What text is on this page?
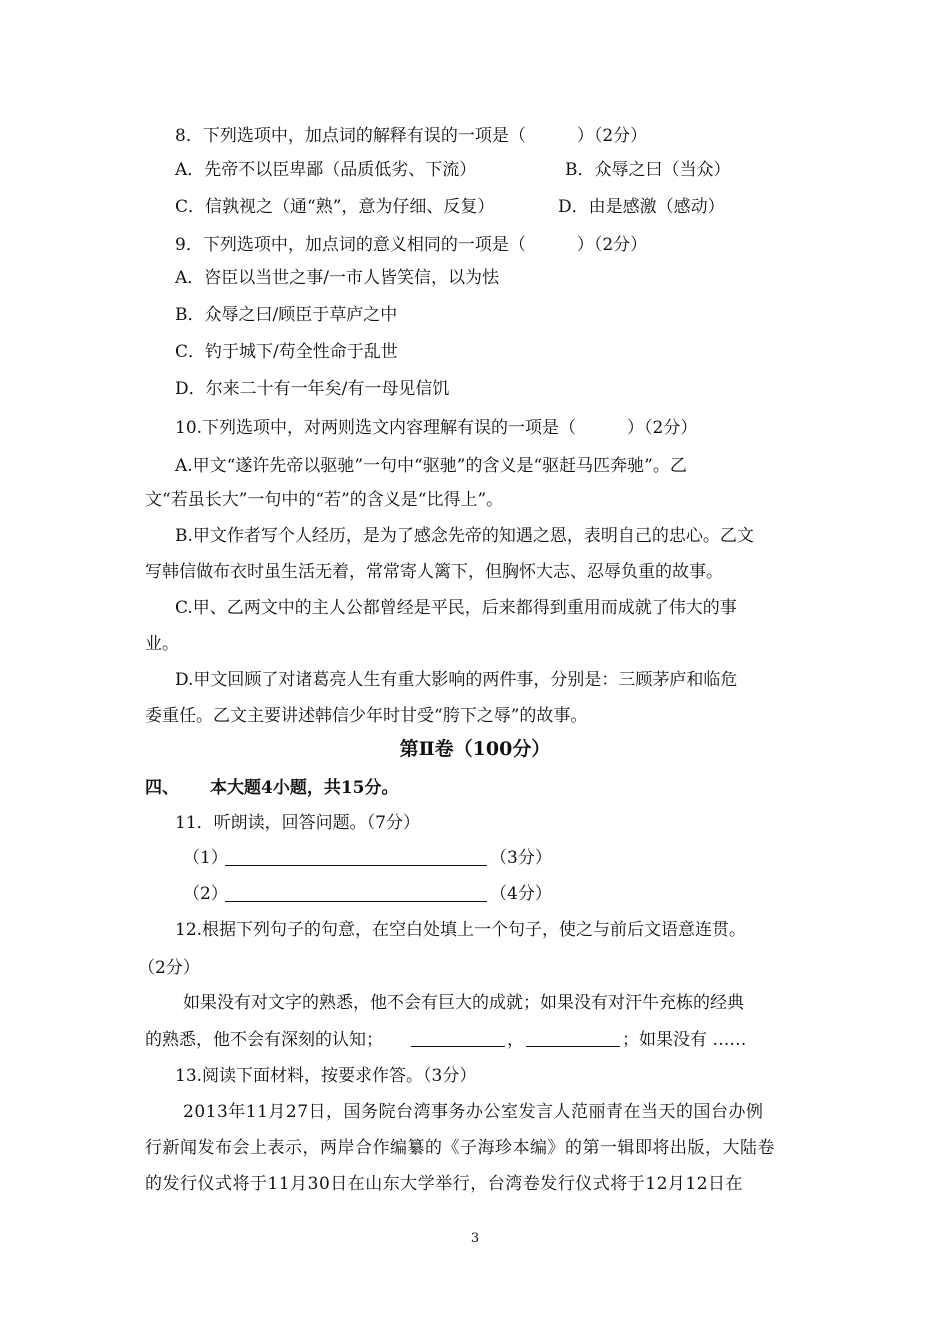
8．下列选项中，加点词的解释有误的一项是（　　　）（2分）
A．先帝不以臣卑鄙（品质低劣、下流）	B．众辱之曰（当众）
C．信孰视之（通“熟”，意为仔细、反复）	D．由是感激（感动）
9．下列选项中，加点词的意义相同的一项是（　　　）（2分）
A．咨臣以当世之事/一市人皆笑信，以为怯
B．众辱之曰/顾臣于草庐之中
C．钓于城下/苟全性命于乱世
D．尔来二十有一年矣/有一母见信饥
10.下列选项中，对两则选文内容理解有误的一项是（　　　）（2分）
A.甲文“遂许先帝以驱驰”一句中“驱驰”的含义是“驱赶马匹奔驰”。乙
文“若虽长大”一句中的“若”的含义是“比得上”。
B.甲文作者写个人经历，是为了感念先帝的知遇之恩，表明自己的忠心。乙文
写韩信做布衣时虽生活无着，常常寄人篱下，但胸怀大志、忍辱负重的故事。
C.甲、乙两文中的主人公都曾经是平民，后来都得到重用而成就了伟大的事
业。
D.甲文回顾了对诸葛亮人生有重大影响的两件事，分别是：三顾茅庐和临危
委重任。乙文主要讲述韩信少年时甘受“胯下之辱”的故事。
第Ⅱ卷（100分）
四、 本大题4小题，共15分。
11．听朗读，回答问题。（7分）
（1）	（3分）
（2）	（4分）
12.根据下列句子的句意，在空白处填上一个句子，使之与前后文语意连贯。
（2分）
如果没有对文字的熟悉，他不会有巨大的成就；如果没有对汗牛充栋的经典
的熟悉，他不会有深刻的认知；	，	；如果没有 ……
13.阅读下面材料，按要求作答。（3分）
2013年11月27日，国务院台湾事务办公室发言人范丽青在当天的国台办例
行新闻发布会上表示，两岸合作编纂的《子海珍本编》的第一辑即将出版，大陆卷
的发行仪式将于11月30日在山东大学举行，台湾卷发行仪式将于12月12日在
3
